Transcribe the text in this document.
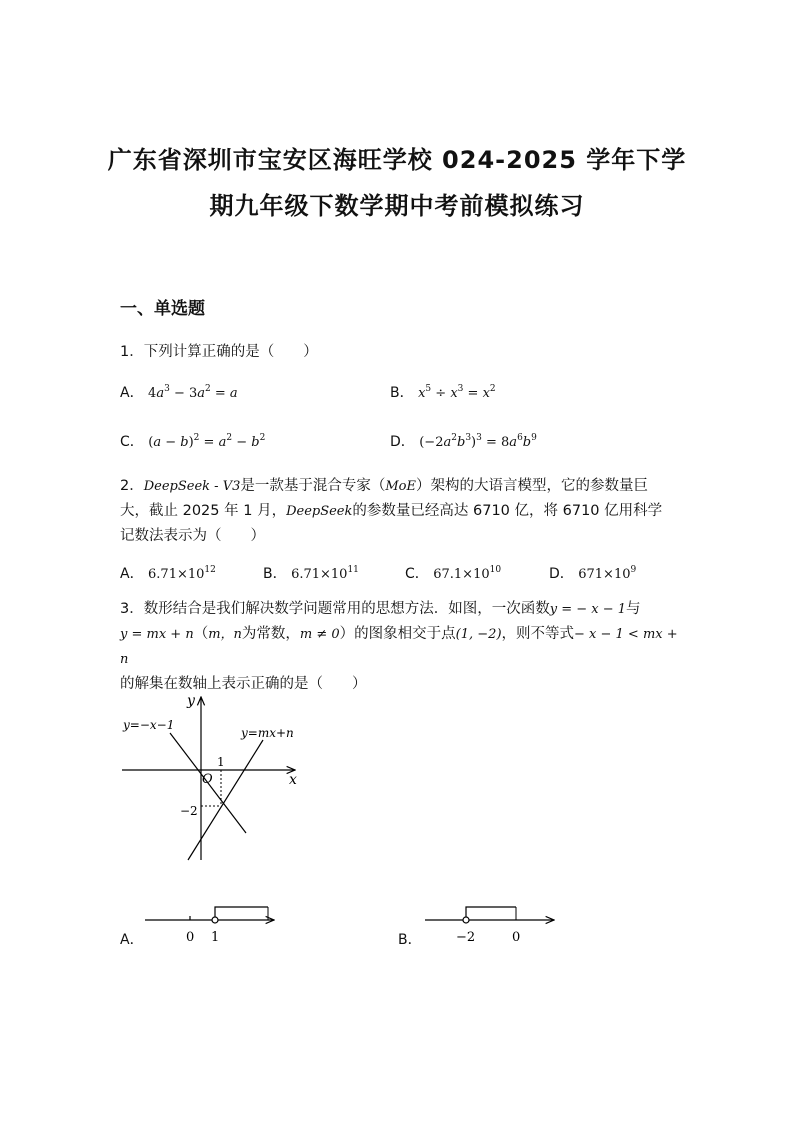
广东省深圳市宝安区海旺学校 024-2025 学年下学
期九年级下数学期中考前模拟练习
一、单选题
1．下列计算正确的是（　　）
A． $4a^3 - 3a^2 = a$	B． $x^5 \div x^3 = x^2$
C． $(a - b)^2 = a^2 - b^2$	D． $(-2a^2b^3)^3 = 8a^6b^9$
2．DeepSeek - V3是一款基于混合专家（MoE）架构的大语言模型，它的参数量巨
大，截止 2025 年 1 月，DeepSeek的参数量已经高达 6710 亿，将 6710 亿用科学
记数法表示为（　　）
A． $6.71\times 10^{12}$	B． $6.71\times 10^{11}$	C． $67.1\times 10^{10}$	D． $671\times 10^9$
3．数形结合是我们解决数学问题常用的思想方法．如图，一次函数y = − x − 1与
y = mx + n（m，n为常数，m ≠ 0）的图象相交于点(1, −2)，则不等式− x − 1 < mx + n
的解集在数轴上表示正确的是（　　）
y
x
O
1
−2
y=−x−1
y=mx+n
A．	0 1	B．	−2	0
